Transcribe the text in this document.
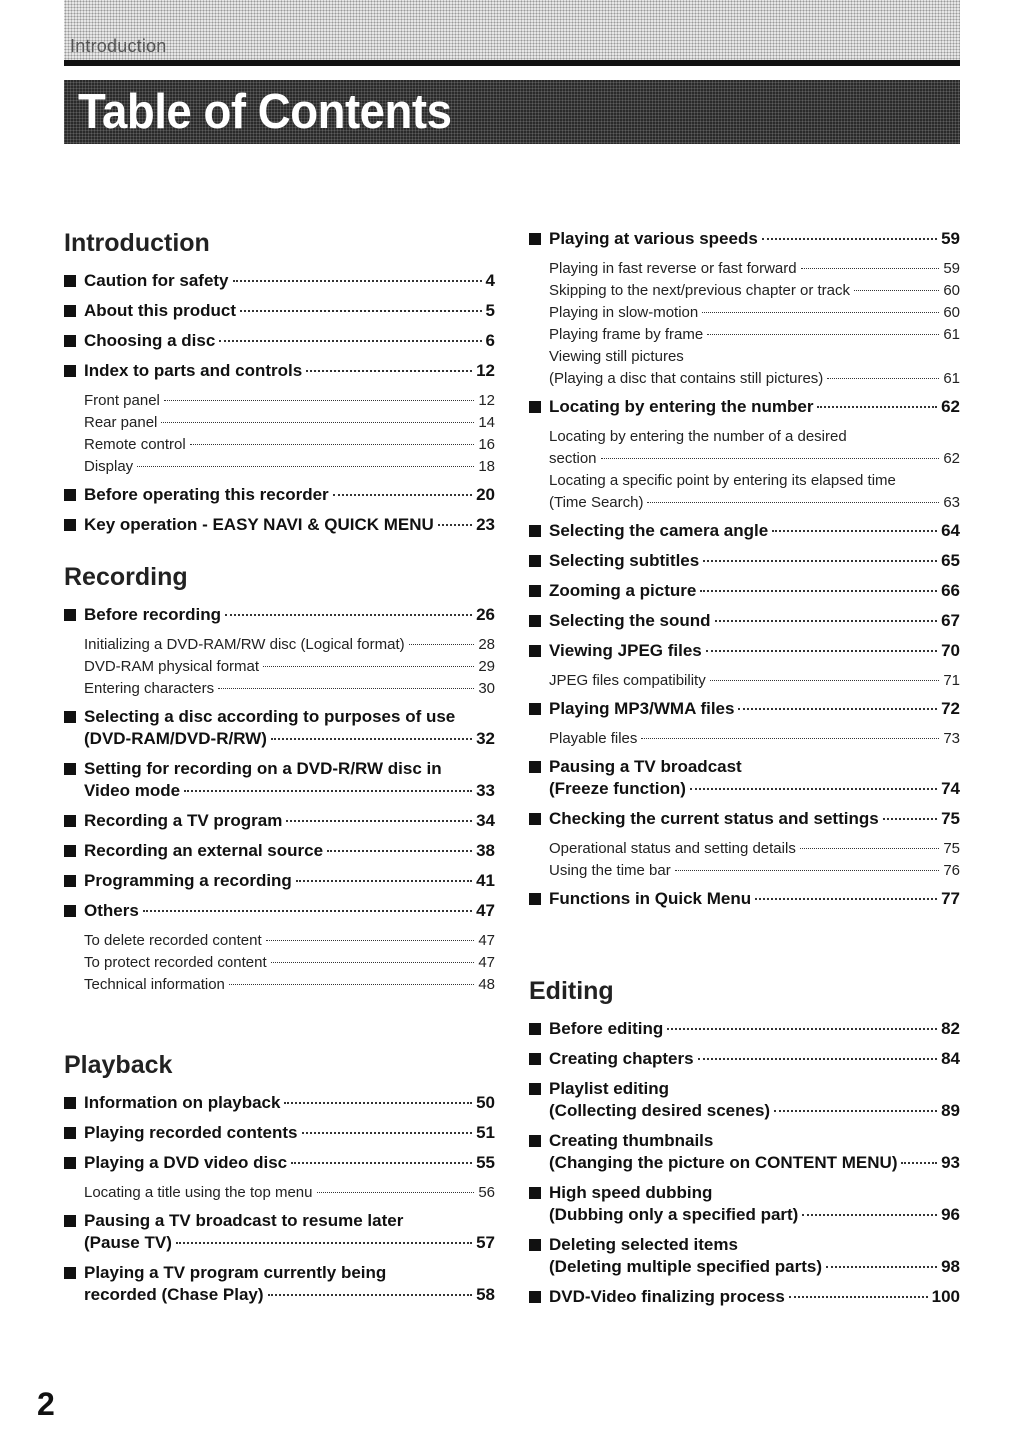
Introduction
Table of Contents
Introduction
Caution for safety	4
About this product	5
Choosing a disc	6
Index to parts and controls	12
Front panel	12
Rear panel	14
Remote control	16
Display	18
Before operating this recorder	20
Key operation - EASY NAVI & QUICK MENU 23
Recording
Before recording	26
Initializing a DVD-RAM/RW disc (Logical format)	28
DVD-RAM physical format	29
Entering characters	30
Selecting a disc according to purposes of use
(DVD-RAM/DVD-R/RW)	32
Setting for recording on a DVD-R/RW disc in
Video mode	33
Recording a TV program	34
Recording an external source	38
Programming a recording	41
Others	47
To delete recorded content	47
To protect recorded content	47
Technical information	48
Playback
Information on playback	50
Playing recorded contents	51
Playing a DVD video disc	55
Locating a title using the top menu	56
Pausing a TV broadcast to resume later
(Pause TV)	57
Playing a TV program currently being
recorded (Chase Play)	58
Playing at various speeds	59
Playing in fast reverse or fast forward	59
Skipping to the next/previous chapter or track	60
Playing in slow-motion	60
Playing frame by frame	61
Viewing still pictures
(Playing a disc that contains still pictures)	61
Locating by entering the number	62
Locating by entering the number of a desired
section	62
Locating a specific point by entering its elapsed time
(Time Search)	63
Selecting the camera angle	64
Selecting subtitles	65
Zooming a picture	66
Selecting the sound	67
Viewing JPEG files	70
JPEG files compatibility	71
Playing MP3/WMA files	72
Playable files	73
Pausing a TV broadcast
(Freeze function)	74
Checking the current status and settings	75
Operational status and setting details	75
Using the time bar	76
Functions in Quick Menu	77
Editing
Before editing	82
Creating chapters	84
Playlist editing
(Collecting desired scenes)	89
Creating thumbnails
(Changing the picture on CONTENT MENU)	93
High speed dubbing
(Dubbing only a specified part)	96
Deleting selected items
(Deleting multiple specified parts)	98
DVD-Video finalizing process	100
2
